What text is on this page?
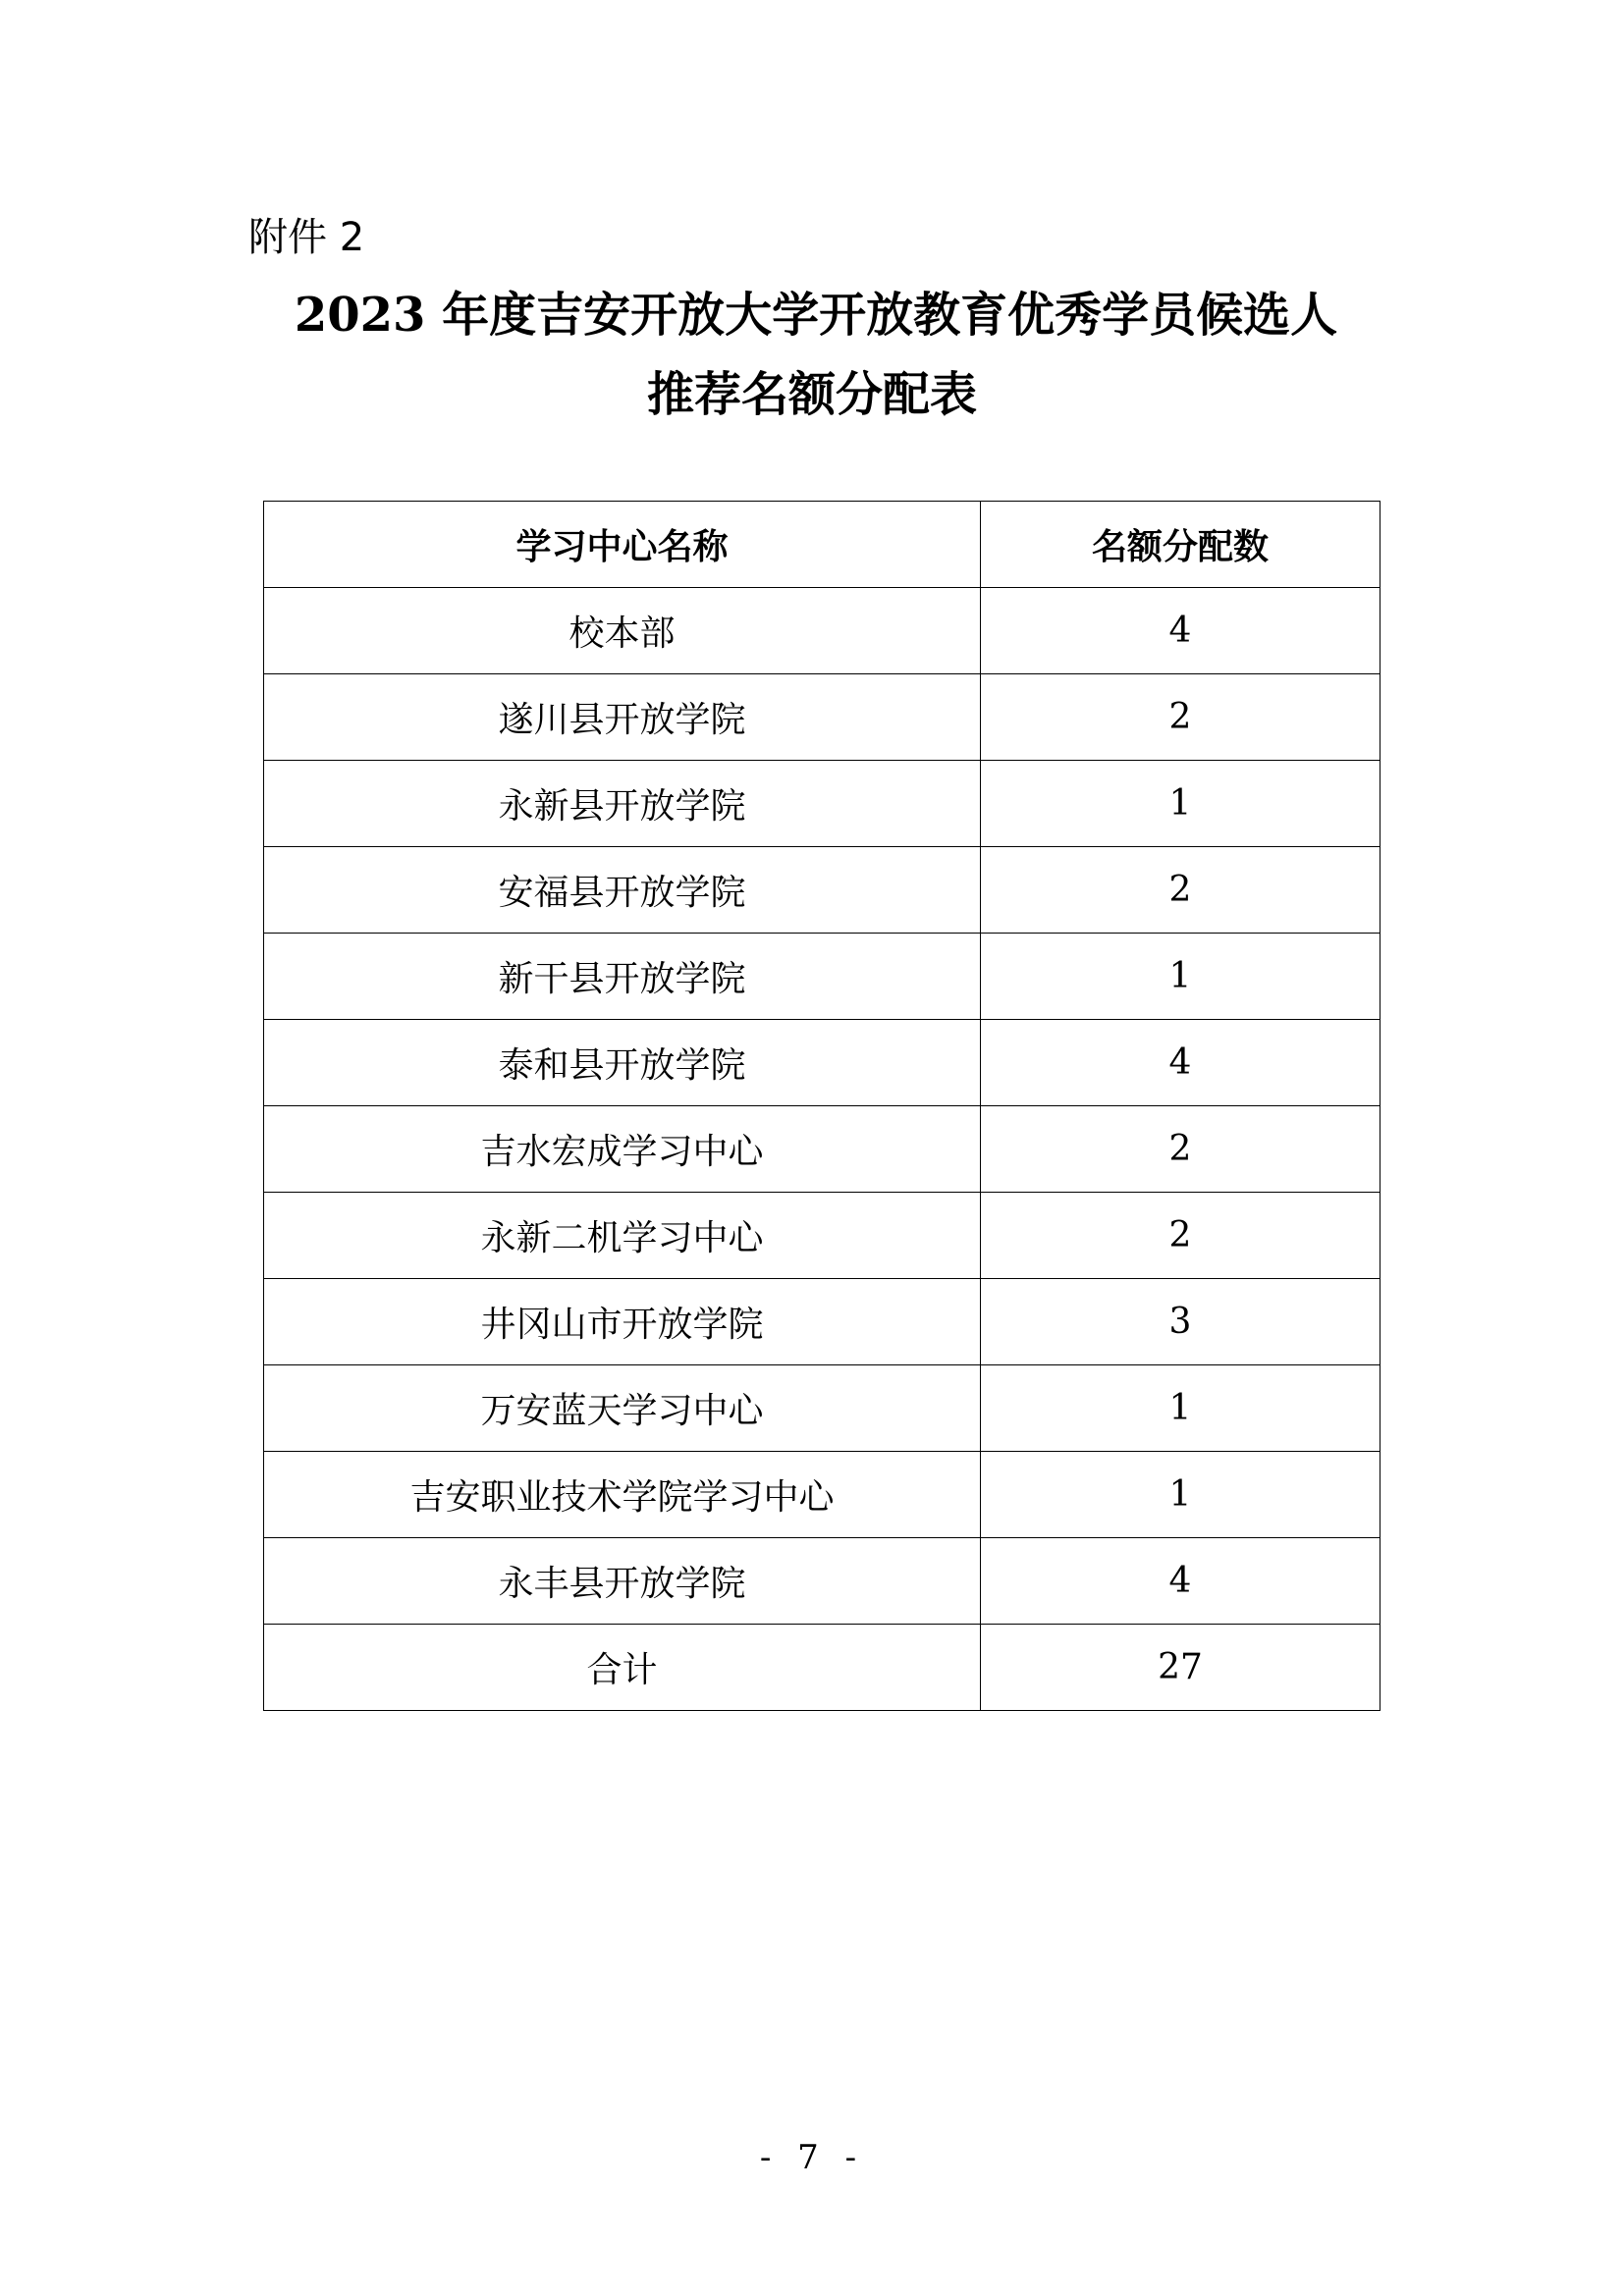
附件 2
2023 年度吉安开放大学开放教育优秀学员候选人
推荐名额分配表
学习中心名称	名额分配数
校本部	4
遂川县开放学院	2
永新县开放学院	1
安福县开放学院	2
新干县开放学院	1
泰和县开放学院	4
吉水宏成学习中心	2
永新二机学习中心	2
井冈山市开放学院	3
万安蓝天学习中心	1
吉安职业技术学院学习中心	1
永丰县开放学院	4
合计	27
- 7 -
